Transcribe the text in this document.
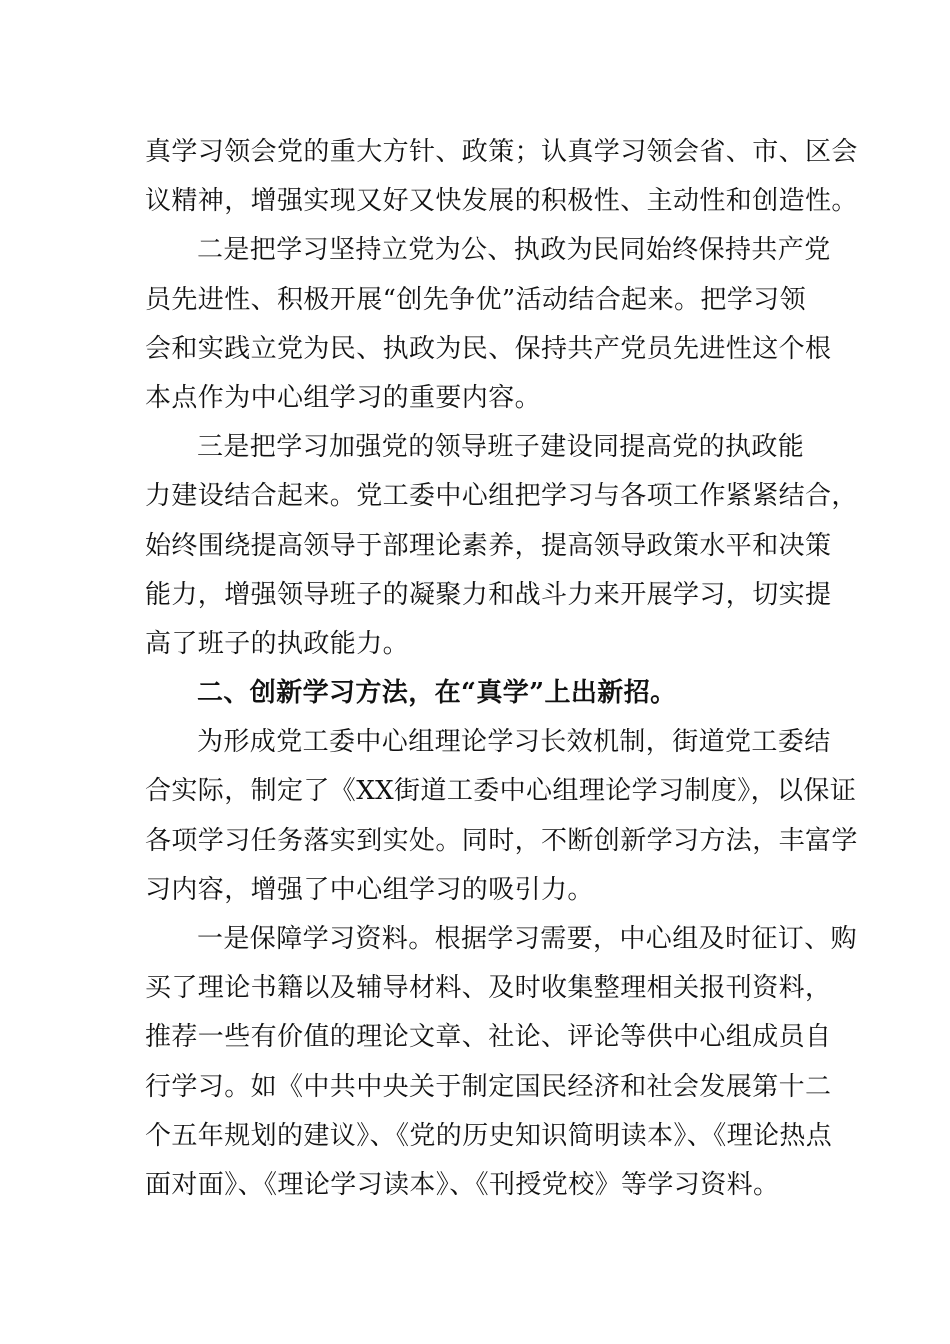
真学习领会党的重大方针、政策；认真学习领会省、市、区会
议精神，增强实现又好又快发展的积极性、主动性和创造性。
二是把学习坚持立党为公、执政为民同始终保持共产党
员先进性、积极开展“创先争优”活动结合起来。把学习领
会和实践立党为民、执政为民、保持共产党员先进性这个根
本点作为中心组学习的重要内容。
三是把学习加强党的领导班子建设同提高党的执政能
力建设结合起来。党工委中心组把学习与各项工作紧紧结合，
始终围绕提高领导于部理论素养，提高领导政策水平和决策
能力，增强领导班子的凝聚力和战斗力来开展学习，切实提
高了班子的执政能力。
二、创新学习方法，在“真学”上出新招。
为形成党工委中心组理论学习长效机制，街道党工委结
合实际，制定了《XX街道工委中心组理论学习制度》，以保证
各项学习任务落实到实处。同时，不断创新学习方法，丰富学
习内容，增强了中心组学习的吸引力。
一是保障学习资料。根据学习需要，中心组及时征订、购
买了理论书籍以及辅导材料、及时收集整理相关报刊资料，
推荐一些有价值的理论文章、社论、评论等供中心组成员自
行学习。如《中共中央关于制定国民经济和社会发展第十二
个五年规划的建议》、《党的历史知识简明读本》、《理论热点
面对面》、《理论学习读本》、《刊授党校》等学习资料。
